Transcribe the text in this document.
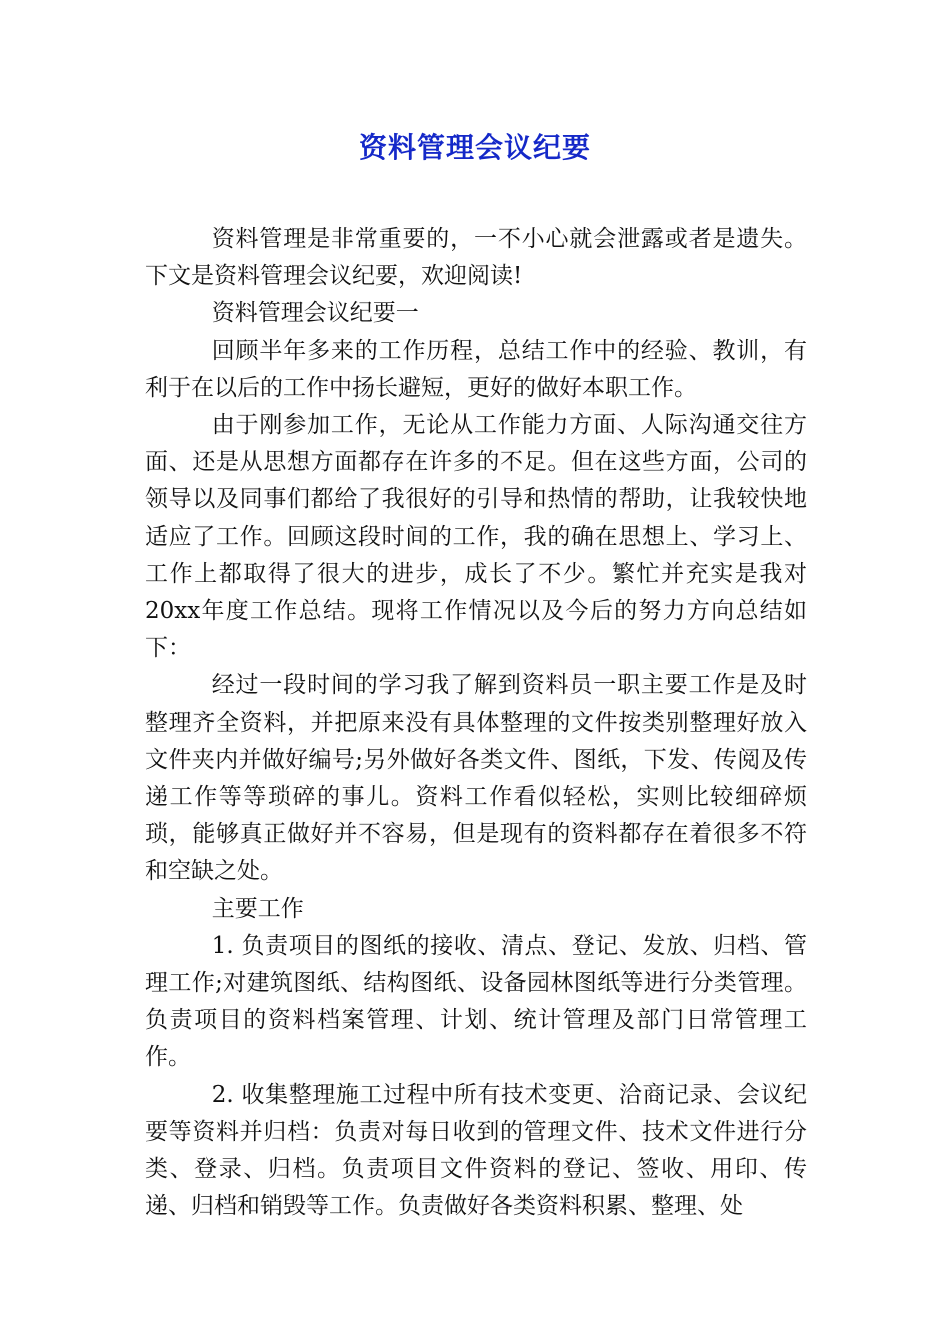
资料管理会议纪要

资料管理是非常重要的，一不小心就会泄露或者是遗失。下文是资料管理会议纪要，欢迎阅读!

资料管理会议纪要一

回顾半年多来的工作历程，总结工作中的经验、教训，有利于在以后的工作中扬长避短，更好的做好本职工作。

由于刚参加工作，无论从工作能力方面、人际沟通交往方面、还是从思想方面都存在许多的不足。但在这些方面，公司的领导以及同事们都给了我很好的引导和热情的帮助，让我较快地适应了工作。回顾这段时间的工作，我的确在思想上、学习上、工作上都取得了很大的进步，成长了不少。繁忙并充实是我对20xx年度工作总结。现将工作情况以及今后的努力方向总结如下：

经过一段时间的学习我了解到资料员一职主要工作是及时整理齐全资料，并把原来没有具体整理的文件按类别整理好放入文件夹内并做好编号;另外做好各类文件、图纸，下发、传阅及传递工作等等琐碎的事儿。资料工作看似轻松，实则比较细碎烦琐，能够真正做好并不容易，但是现有的资料都存在着很多不符和空缺之处。

主要工作

1. 负责项目的图纸的接收、清点、登记、发放、归档、管理工作;对建筑图纸、结构图纸、设备园林图纸等进行分类管理。负责项目的资料档案管理、计划、统计管理及部门日常管理工作。

2. 收集整理施工过程中所有技术变更、洽商记录、会议纪要等资料并归档：负责对每日收到的管理文件、技术文件进行分类、登录、归档。负责项目文件资料的登记、签收、用印、传递、归档和销毁等工作。负责做好各类资料积累、整理、处
